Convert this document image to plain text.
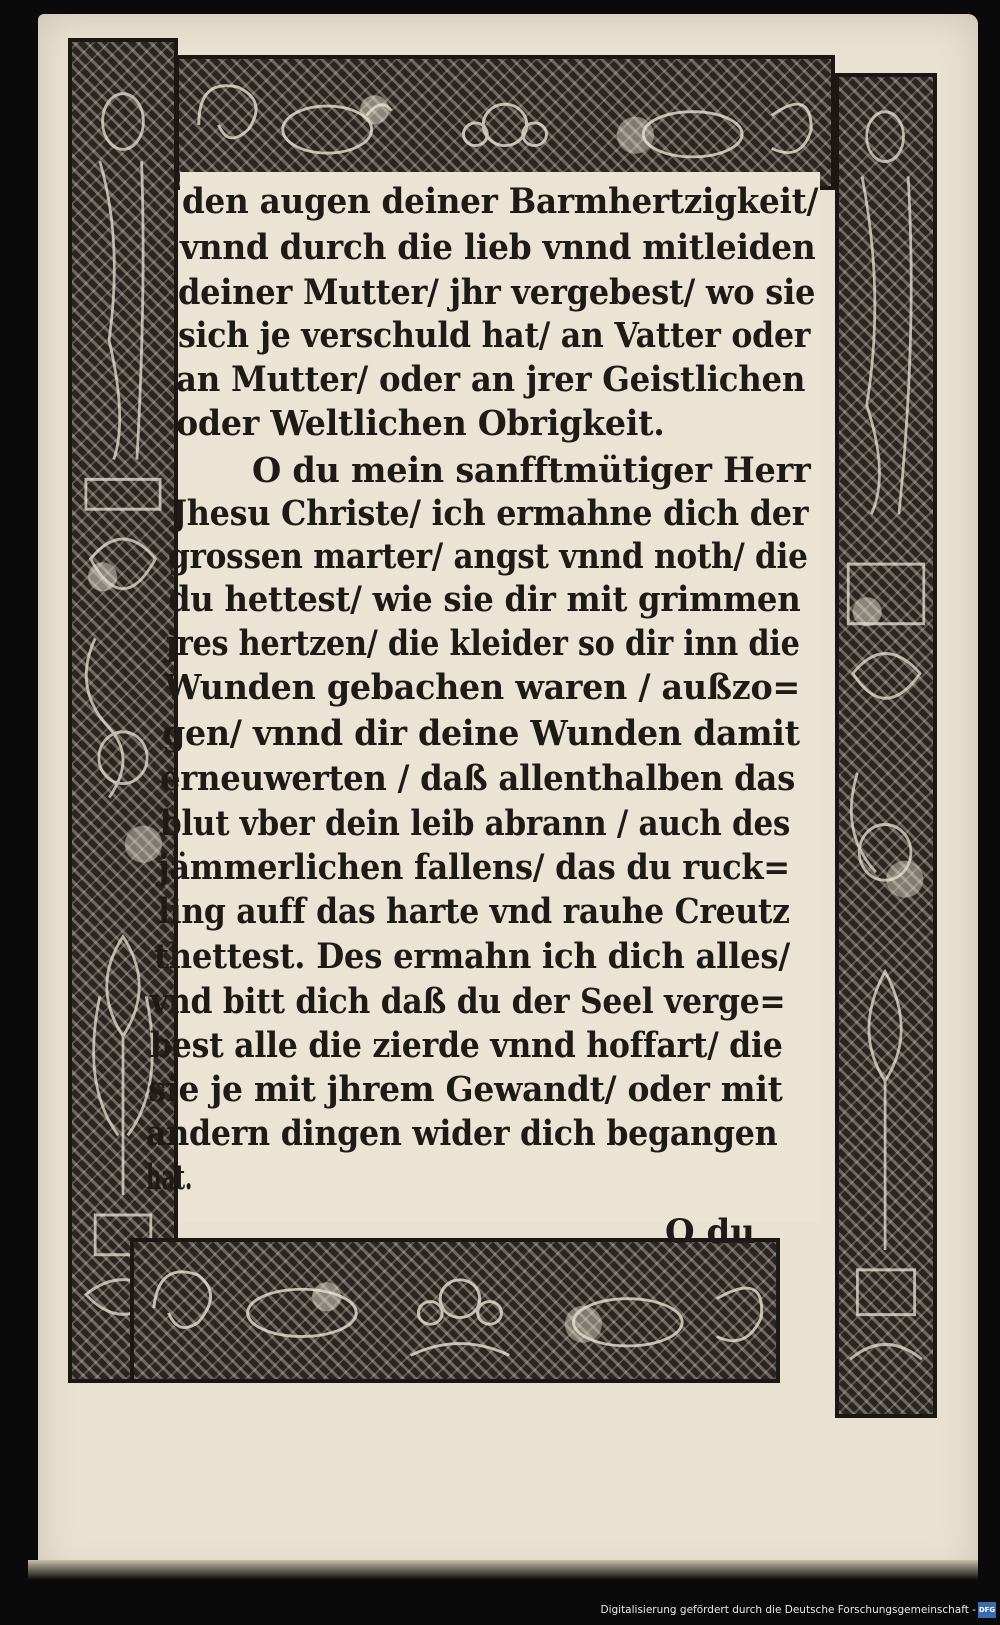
den augen deiner Barmhertzigkeit/

vnnd durch die lieb vnnd mitleiden

deiner Mutter/ jhr vergebest/ wo sie

sich je verschuld hat/ an Vatter oder

an Mutter/ oder an jrer Geistlichen

oder Weltlichen Obrigkeit.

O du mein sanfftmütiger Herr

Jhesu Christe/ ich ermahne dich der

grossen marter/ angst vnnd noth/ die

du hettest/ wie sie dir mit grimmen

jres hertzen/ die kleider so dir inn die

Wunden gebachen waren / außzo=

gen/ vnnd dir deine Wunden damit

erneuwerten / daß allenthalben das

blut vber dein leib abrann / auch des

jämmerlichen fallens/ das du ruck=

ling auff das harte vnd rauhe Creutz

thettest. Des ermahn ich dich alles/

vnd bitt dich daß du der Seel verge=

best alle die zierde vnnd hoffart/ die

sie je mit jhrem Gewandt/ oder mit

andern dingen wider dich begangen

hat.

O du

Digitalisierung gefördert durch die Deutsche Forschungsgemeinschaft - DFG
